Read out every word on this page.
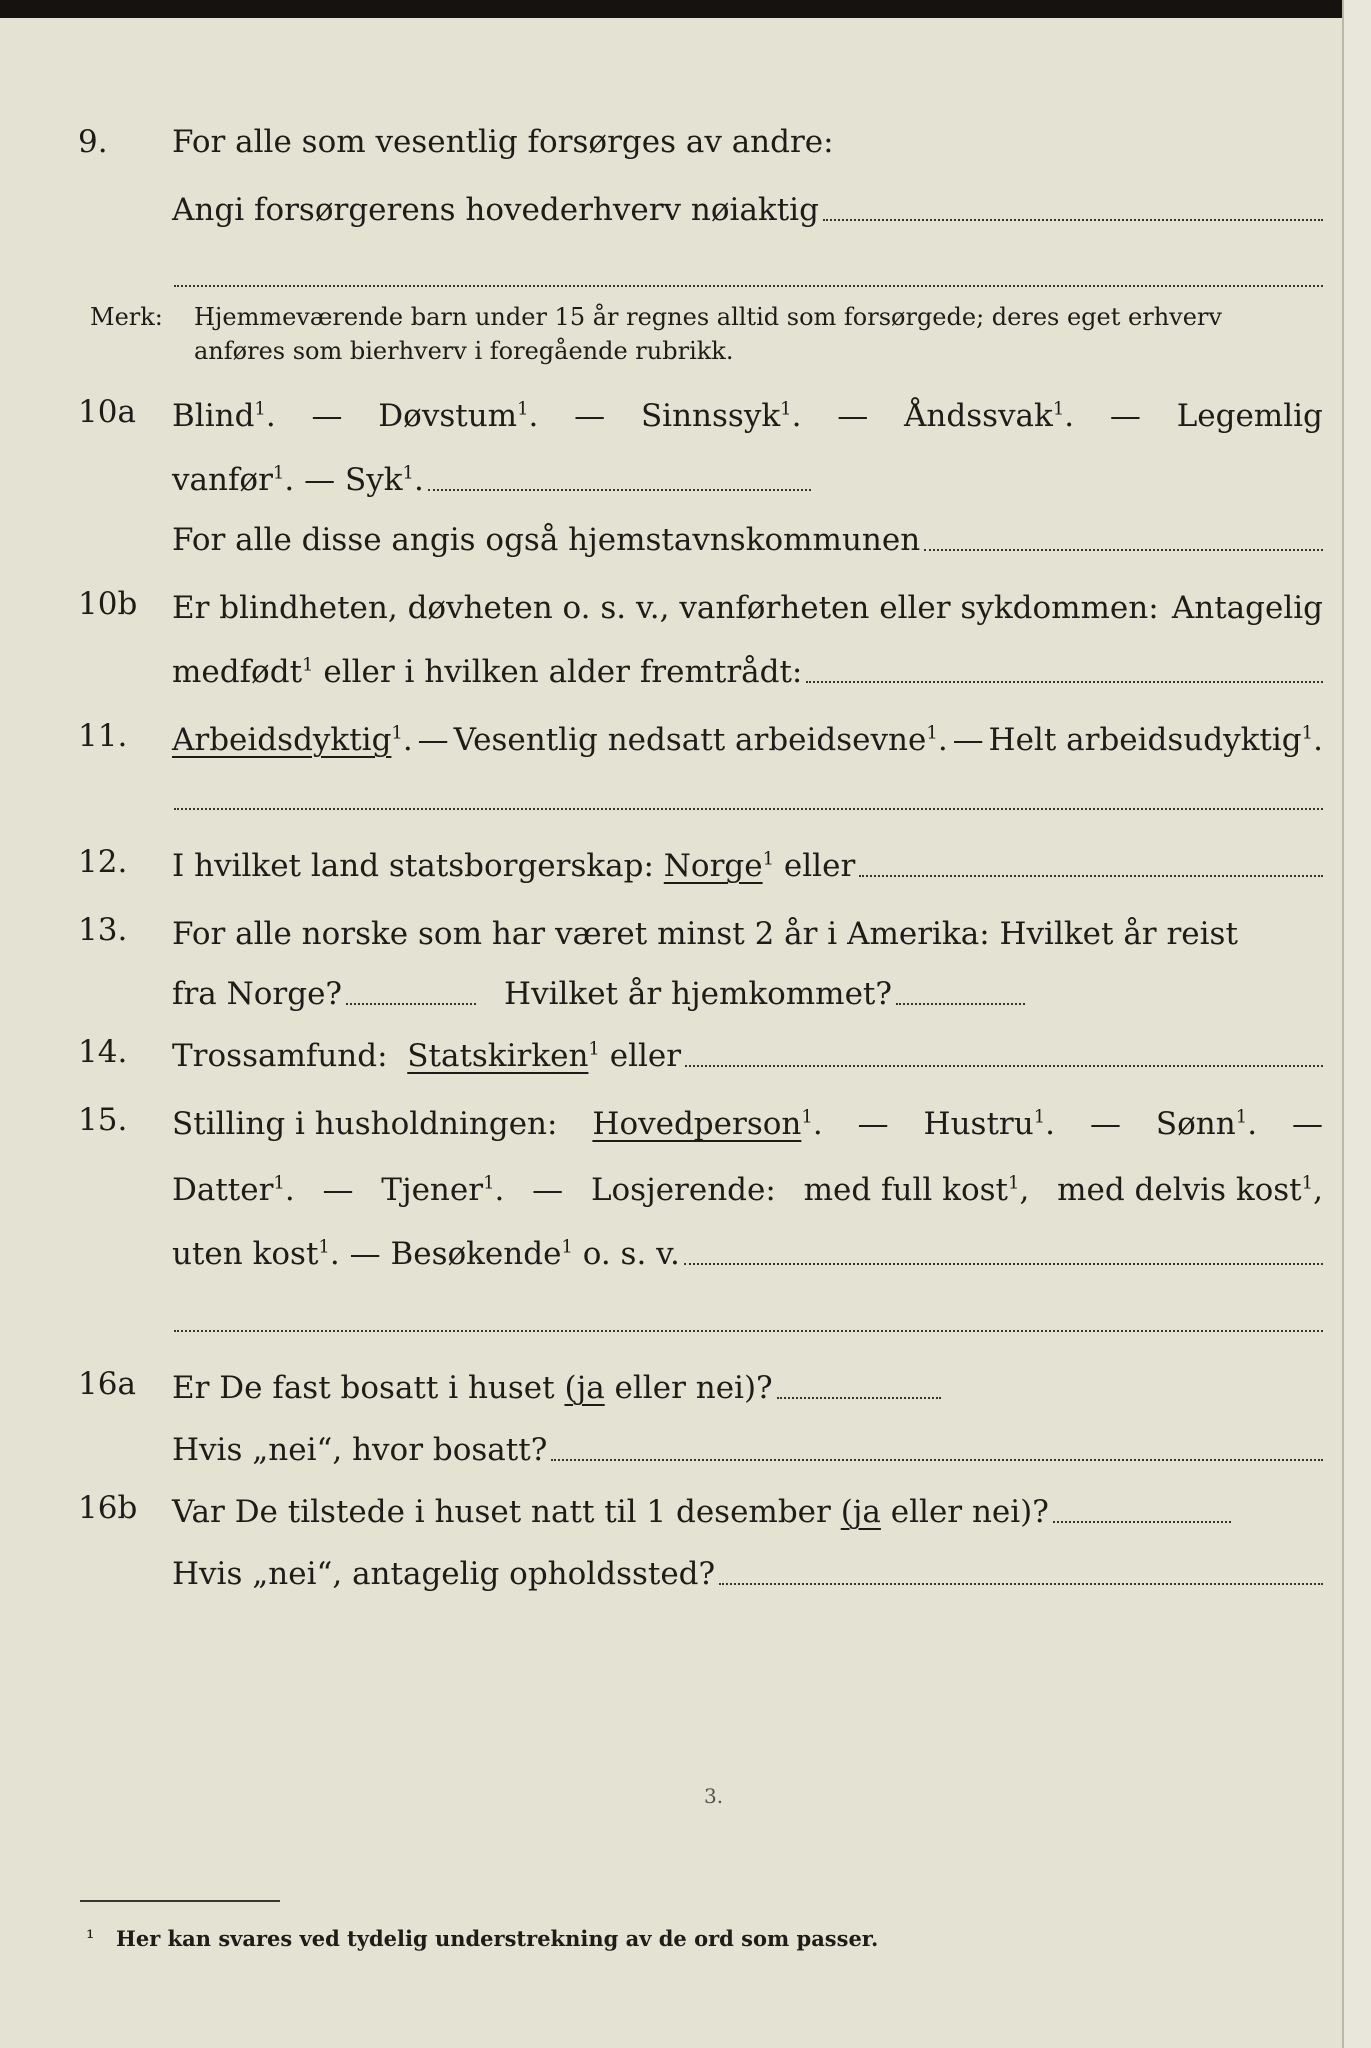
9.	For alle som vesentlig forsørges av andre:
Angi forsørgerens hovederhverv nøiaktig
Merk: Hjemmeværende barn under 15 år regnes alltid som forsørgede; deres eget erhverv
anføres som bierhverv i foregående rubrikk.
10a	Blind$^1$. — Døvstum$^1$. — Sinnssyk$^1$. — Åndssvak$^1$. — Legemlig
vanfør$^1$. — Syk$^1$.
For alle disse angis også hjemstavnskommunen
10b	Er blindheten, døvheten o. s. v., vanførheten eller sykdommen: Antagelig
medfødt$^1$ eller i hvilken alder fremtrådt:
11.	Arbeidsdyktig$^1$. — Vesentlig nedsatt arbeidsevne$^1$. — Helt arbeidsudyktig$^1$.
12.	I hvilket land statsborgerskap: Norge$^1$ eller
13.	For alle norske som har været minst 2 år i Amerika: Hvilket år reist
fra Norge?	Hvilket år hjemkommet?
14.	Trossamfund: Statskirken$^1$ eller
15.	Stilling i husholdningen: Hovedperson$^1$. — Hustru$^1$. — Sønn$^1$. —
Datter$^1$. — Tjener$^1$. — Losjerende: med full kost$^1$, med delvis kost$^1$,
uten kost$^1$. — Besøkende$^1$ o. s. v.
16a	Er De fast bosatt i huset (ja eller nei)?
Hvis „nei“, hvor bosatt?
16b	Var De tilstede i huset natt til 1 desember (ja eller nei)?
Hvis „nei“, antagelig opholdssted?
3.
¹ Her kan svares ved tydelig understrekning av de ord som passer.
